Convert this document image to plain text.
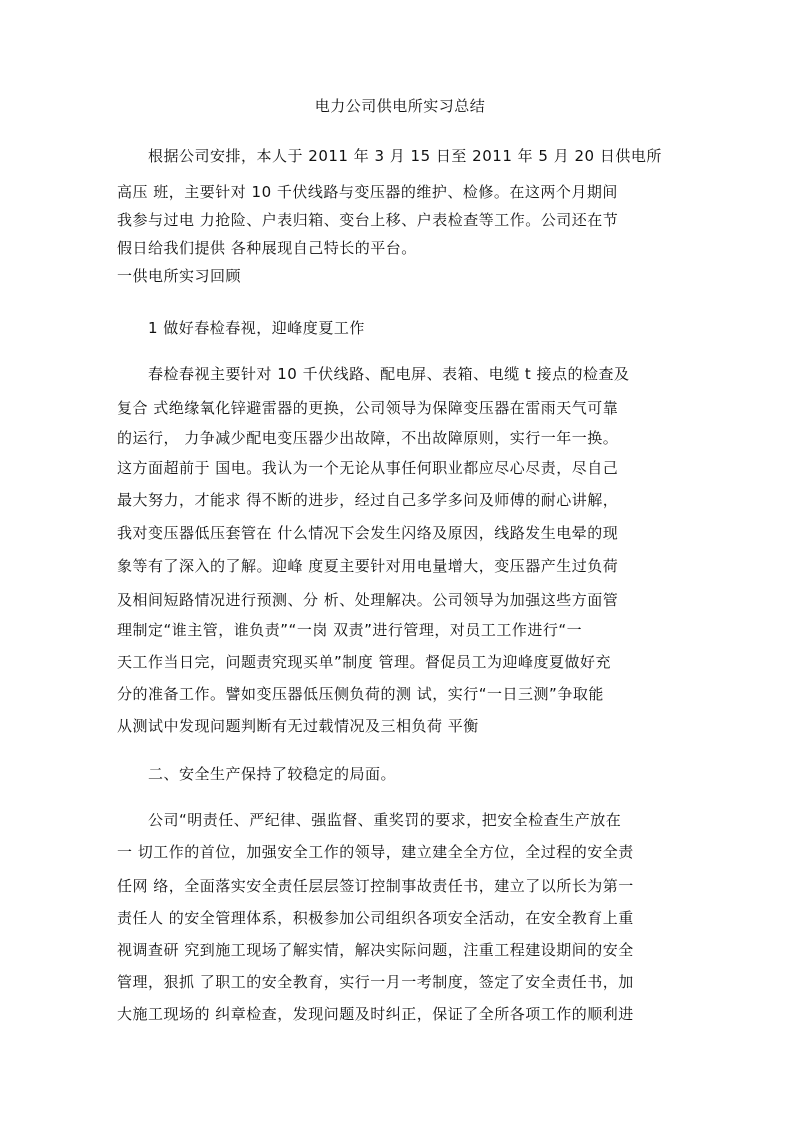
电力公司供电所实习总结
根据公司安排，本人于 2011 年 3 月 15 日至 2011 年 5 月 20 日供电所
高压 班，主要针对 10 千伏线路与变压器的维护、检修。在这两个月期间
我参与过电 力抢险、户表归箱、变台上移、户表检查等工作。公司还在节
假日给我们提供 各种展现自己特长的平台。
一供电所实习回顾
1 做好春检春视，迎峰度夏工作
春检春视主要针对 10 千伏线路、配电屏、表箱、电缆 t 接点的检查及
复合 式绝缘氧化锌避雷器的更换，公司领导为保障变压器在雷雨天气可靠
的运行， 力争减少配电变压器少出故障，不出故障原则，实行一年一换。
这方面超前于 国电。我认为一个无论从事任何职业都应尽心尽责，尽自己
最大努力，才能求 得不断的进步，经过自己多学多问及师傅的耐心讲解，
我对变压器低压套管在 什么情况下会发生闪络及原因，线路发生电晕的现
象等有了深入的了解。迎峰 度夏主要针对用电量增大，变压器产生过负荷
及相间短路情况进行预测、分 析、处理解决。公司领导为加强这些方面管
理制定“谁主管，谁负责”“一岗 双责”进行管理，对员工工作进行“一
天工作当日完，问题责究现买单”制度 管理。督促员工为迎峰度夏做好充
分的准备工作。譬如变压器低压侧负荷的测 试，实行“一日三测”争取能
从测试中发现问题判断有无过载情况及三相负荷 平衡
二、安全生产保持了较稳定的局面。
公司“明责任、严纪律、强监督、重奖罚的要求，把安全检查生产放在
一 切工作的首位，加强安全工作的领导，建立建全全方位，全过程的安全责
任网 络，全面落实安全责任层层签订控制事故责任书，建立了以所长为第一
责任人 的安全管理体系，积极参加公司组织各项安全活动，在安全教育上重
视调查研 究到施工现场了解实情，解决实际问题，注重工程建设期间的安全
管理，狠抓 了职工的安全教育，实行一月一考制度，签定了安全责任书，加
大施工现场的 纠章检查，发现问题及时纠正，保证了全所各项工作的顺利进
